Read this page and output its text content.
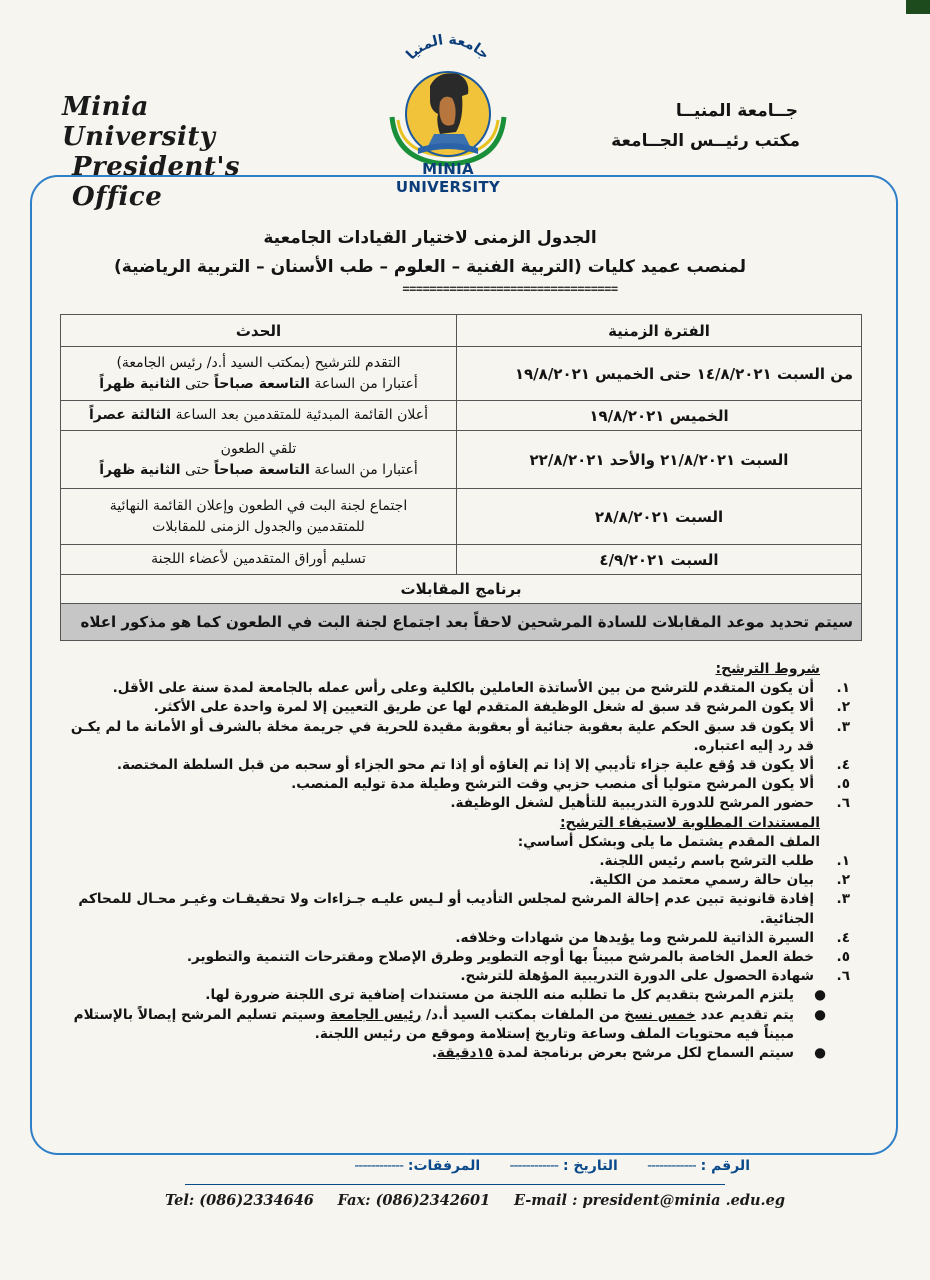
Minia University
President's Office
جامعة المنيا
MINIA UNIVERSITY
جــامعة المنيــا
مكتب رئيــس الجــامعة
الجدول الزمنى لاختيار القيادات الجامعية
لمنصب عميد كليات (التربية الفنية – العلوم – طب الأسنان – التربية الرياضية)
================================
الفترة الزمنية	الحدث
من السبت ١٤/٨/٢٠٢١ حتى الخميس ١٩/٨/٢٠٢١	التقدم للترشيح (بمكتب السيد أ.د/ رئيس الجامعة)
أعتبارا من الساعة التاسعة صباحاً حتى الثانية ظهراً

الخميس ١٩/٨/٢٠٢١	أعلان القائمة المبدئية للمتقدمين بعد الساعة الثالثة عصراً
السبت ٢١/٨/٢٠٢١ والأحد ٢٢/٨/٢٠٢١	تلقي الطعون
أعتبارا من الساعة التاسعة صباحاً حتى الثانية ظهراً

السبت ٢٨/٨/٢٠٢١	اجتماع لجنة البت في الطعون وإعلان القائمة النهائية
للمتقدمين والجدول الزمنى للمقابلات

السبت ٤/٩/٢٠٢١	تسليم أوراق المتقدمين لأعضاء اللجنة
برنامج المقابلات	
سيتم تحديد موعد المقابلات للسادة المرشحين لاحقاً بعد اجتماع لجنة البت في الطعون كما هو مذكور اعلاه	
شروط الترشح:
١.
أن يكون المتقدم للترشح من بين الأساتذة العاملين بالكلية وعلى رأس عمله بالجامعة لمدة سنة على الأقل.
٢.
ألا يكون المرشح قد سبق له شغل الوظيفة المتقدم لها عن طريق التعيين إلا لمرة واحدة على الأكثر.
٣.
ألا يكون قد سبق الحكم علية بعقوبة جنائية أو بعقوبة مقيدة للحرية في جريمة مخلة بالشرف أو الأمانة ما لم يكـن قد رد إليه اعتباره.
٤.
ألا يكون قد وُقع علية جزاء تأديبي إلا إذا تم إلغاؤه أو إذا تم محو الجزاء أو سحبه من قبل السلطة المختصة.
٥.
ألا يكون المرشح متوليا أى منصب حزبي وقت الترشح وطيلة مدة توليه المنصب.
٦.
حضور المرشح للدورة التدريبية للتأهيل لشغل الوظيفة.
المستندات المطلوبة لاستيفاء الترشح:
الملف المقدم يشتمل ما يلى وبشكل أساسي:
١.
طلب الترشح باسم رئيس اللجنة.
٢.
بيان حالة رسمي معتمد من الكلية.
٣.
إفادة قانونية تبين عدم إحالة المرشح لمجلس التأديب أو لـيس عليـه جـزاءات ولا تحقيقـات وغيـر محـال للمحاكم الجنائية.
٤.
السيرة الذاتية للمرشح وما يؤيدها من شهادات وخلافه.
٥.
خطة العمل الخاصة بالمرشح مبيناً بها أوجه التطوير وطرق الإصلاح ومقترحات التنمية والتطوير.
٦.
شهادة الحصول على الدورة التدريبية المؤهلة للترشح.
●
يلتزم المرشح بتقديم كل ما تطلبه منه اللجنة من مستندات إضافية ترى اللجنة ضرورة لها.
●
يتم تقديم عدد خمس نسخ من الملفات بمكتب السيد أ.د/ رئيس الجامعة وسيتم تسليم المرشح إيصالاً بالإستلام مبيناً فيه محتويات الملف وساعة وتاريخ إستلامة وموقع من رئيس اللجنة.
●
سيتم السماح لكل مرشح بعرض برنامجة لمدة ١٥دقيقة.
الرقم : ------------      التاريخ : ------------      المرفقات: ------------
Tel: (086)2334646 Fax: (086)2342601 E-mail : president@minia .edu.eg
